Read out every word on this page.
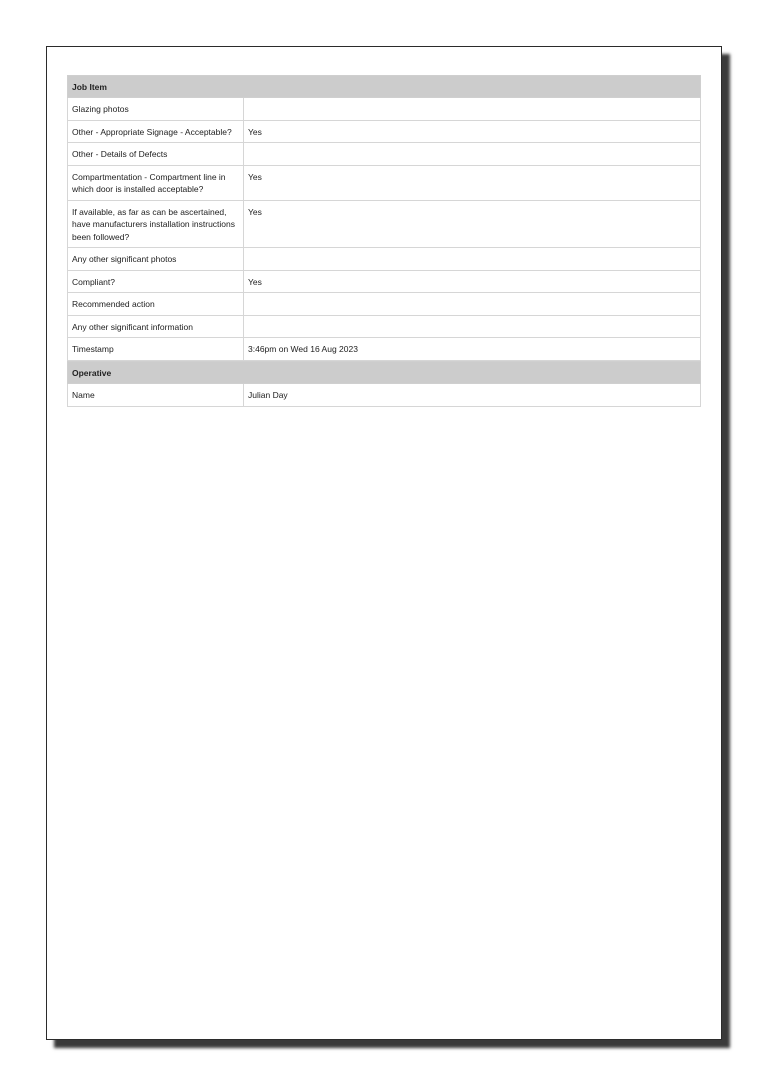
Job Item	
Glazing photos	
Other - Appropriate Signage - Acceptable?	Yes
Other - Details of Defects	
Compartmentation - Compartment line in which door is installed acceptable?	Yes
If available, as far as can be ascertained, have manufacturers installation instructions been followed?	Yes
Any other significant photos	
Compliant?	Yes
Recommended action	
Any other significant information	
Timestamp	3:46pm on Wed 16 Aug 2023
Operative
Name	Julian Day
